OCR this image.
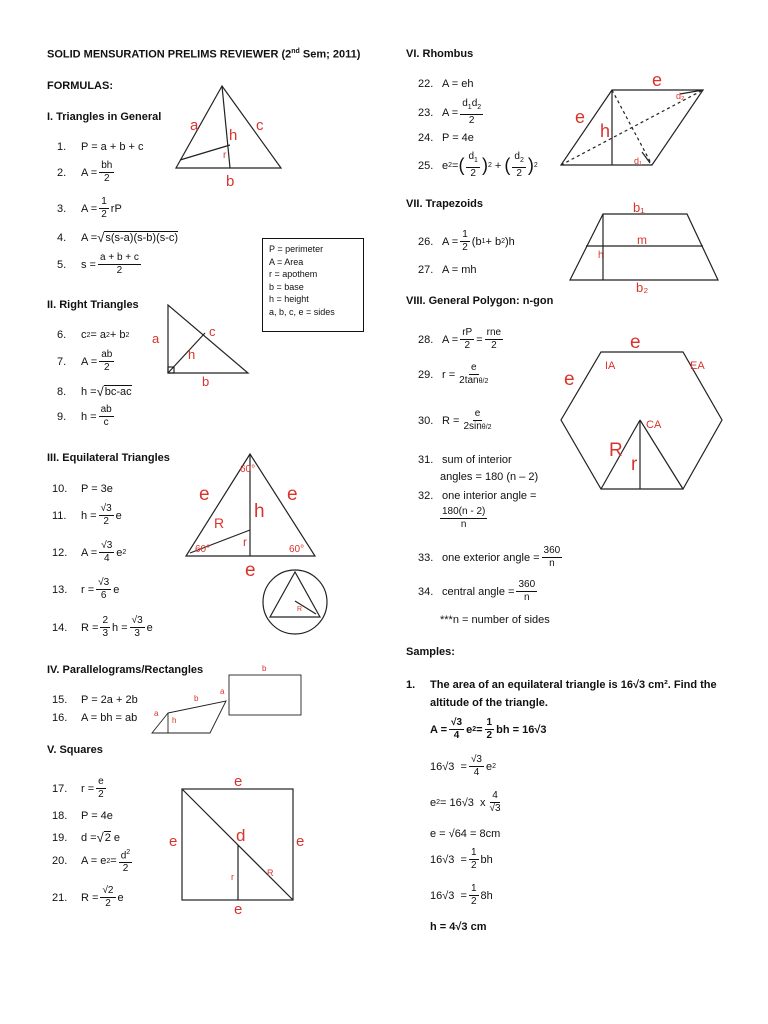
SOLID MENSURATION PRELIMS REVIEWER (2nd Sem; 2011)
FORMULAS:
I. Triangles in General
II. Right Triangles
III. Equilateral Triangles
IV. Parallelograms/Rectangles
V. Squares
VI. Rhombus
VII. Trapezoids
VIII. General Polygon: n-gon
Samples:
P = perimeter
A = Area
r = apothem
b = base
h = height
a, b, c, e = sides
1.	P = a + b + c
2.	A =
bh
2
3.	A =
1
2 rP
4.	A = √ s(s-a)(s-b)(s-c)
5.	s =
a + b + c
2
6.	c 2 = a 2 + b 2
7.	A =
ab
2
8.	h = √ bc-ac
9.	h =
ab
c
10.	P = 3e
11.	h =
√3
2 e
12.	A =
√3
4 e 2
13.	r =
√3
6 e
14.	R =
2
3 h =
√3
3 e
15.	P = 2a + 2b
16.	A = bh = ab
17.	r =
e
2
18.	P = 4e
19.	d = √ 2 e
20.	A = e $2 = d^2$
2
21.	R =
√2
2 e
22. A = eh
23. A =
$d_1d_2$
2
24. P = 4e
25. e 2 = ( $d_1$
2 ) 2 + ( $d_2$
2 ) 2
26. A =
1
2 (b 1 + b 2 )h
27. A = mh
28. A =
rP
2 =
rne
2
29. r =
e
2tanθ/2
30. R =
e
2sinθ/2
31. sum of interior
angles = 180 (n – 2)
32. one interior angle =
180(n - 2)
n
33. one exterior angle = $\frac{360}{n}$
34. central angle = $\frac{360}{n}$
***n = number of sides
1. The area of an equilateral triangle is 16√3 cm². Find the
altitude of the triangle.
A =
√3
4 e 2 =
1
2 bh = 16√3
16√3  =
√3
4 e 2
e 2 = 16√3  x
4
√3
e = √64 = 8cm
16√3  =
1
2 bh
16√3  =
1
2 8h
h = 4√3 cm
a	c
h
r
b
a	c
h
b
e	e
e
h
R
r
60°
60°	60°
R
a
b
h
a
b
e
e	e
e
d
r	R
e
e
h
d₂
d₁
b₁
m
h
b₂
e
e
IA	EA
CA
R
r
